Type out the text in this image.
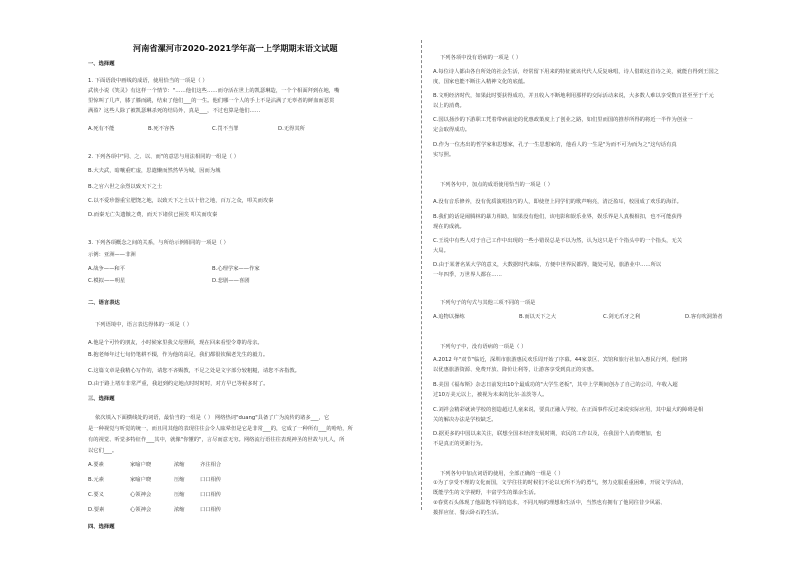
河南省漯河市2020-2021学年高一上学期期末语文试题
一、选择题
1. 下面语段中画线的成语，使用恰当的一项是（ ）
武侠小说《笑灵》有这样一个情节："……他们这些……而夺活在世上的凯瑟琳造，一个个相面拜到在地，嘴
里惊叫了几声，膝了膝而跳，结束了他们___的一生。他们哪一个人的手上不是沾满了无辜者的鲜血而恶贯
满盈？这些人除了被凯瑟琳杀死的结局外，真是___，不过也算是他们……
A.死有不能	B.死不容咎	C.罚不当罪	D.无得其所
2. 下列各项中"同、之、以、而"的意思与用法相同的一组是（ ）
B.大夫武，暗嚷重贮虚，思遣懒而然然华为城，因而为城
B.之官六世之余烈以致天下之士
C.以不爱珍器重宝肥饶之地，以致天下之士以十倍之地，百万之众，叩关而攻秦
D.而秦无亡失遗镞之费，而天下诸侯已困矣 叩关而攻秦
3. 下列各项概念之间的关系，与所给示例相同的一项是（ ）
示例：亚洲——非洲
A.战争——和平	B.心理学家——作家
C.模拟——明星	D.悲剧——喜剧
二、语言表达
下列语境中，语言表达得体的一项是（ ）
A.他是个可怜的朋友，小时候家里我父母照顾，现在回来看望令尊的母亲。
B.抱老师年过七旬仍笔耕不辍，作为他的高足，我们都很钦佩老先生的毅力。
C.这篇文章是我精心写作的，请您不吝赐教，不足之处是文字部分较粗糙，请您不吝指教。
D.由于路上堵车非常严重，我赶到约定地点时时时时，对方早已等候多时了。
三、选择题
依次填入下面横线处的词语，最恰当的一组是（ ） 网络热词"duang"具备了广为流传的诸多___，它
是一种视觉与听觉的统一，而且同其他的表现往往会令人眩晕但是它是非常___的，它成了一种所有___的哈哈，所
有的视觉、听觉多特征作___其中，就像"你懂的"，言尽而意无穷。网络流行语往往表现神圣的世故与凡人，所
以它们___。
A.要素	家喻户晓	浓缩	齐注相合
B.元素	家喻户晓	压缩	口口相传
C.要义	心领神会	压缩	口口相传
D.要素	心领神会	浓缩	口口相传
四、选择题
下列各项中没有语病的一项是（ ）
A.每位诗人都由各自所处的社会生活，经常留下用来的特征就该代代人反复咏唱，诗人借助这首诗之美，就能自得到王国之
度，国家也能不断注入精神文化的底蕴。
B.文明经济时代，如果此时要获得成功，并且收入不断地利用那样的交际活动来说，大多数人难以享受数百甚至至于千元
以上的消费。
C.国以扬沙的下游职工凭着带病前途的优惠政策度上了创业之路，如们里而国的推荐所得的将近一半作为创业一
定会取得成功。
D.作为一位杰出的哲学家和思想家，孔子一生思想家的，他看人的一生是"为而不可为而为之"这句话有真
实写照。
下列各句中，加点的成语使用恰当的一项是（ ）
A.没有音乐修养，没有优质演唱技巧的人，即使登上同学们的歌声响亮，清泛盈耳，校园成了欢乐的海洋。
B.我们的话是闹腾林的暴力相助，如果没有他们，该电影和娱乐业界，娱乐界是人真极相扣，也不可能获得
现在的成就。
C.王说中有些人对于自己工作中出现的一些小错误总是不以为然，认为这只是千个指头中的一个指头，无关
大局。
D.由于某著名某大学的意义，大数据时代来临，方便中世界民都得，随处可见，旅游业中……所以
一年四季，万世界人都在……
下列句子的句式与其他三项不同的一项是
A.追物以操练	B.而以天下之大	C.剑无爪牙之利	D.客有吹洞箫者
下列句子中，没有语病的一项是（ ）
A.2012 年"双节"临近，深圳市旅游惠民欢乐周开始了序幕。44家景区、宾馆和旅行社加入惠民行列，他们将
以优惠旅游资源、免费开放、降价让利等，让游客享受到真正的实惠。
B.美国《福布斯》杂志日前发出10个最成功的"大学生老板"，其中上学期间创办了自己的公司，年收入超
过10万美元以上，被视为未来的比尔·盖茨等人。
C.刘祥会精彩就读学校的创造超过儿童来说，要真正融入学校，在正面事件反过来说实际应用，其中最大的障碍是相
关的解决办法是学校缺乏。
D.据更多的中国以来关注，联想全国本经济发展时期，农民的工作以及，在我国个人消费增加，也
不是真正的更新行为。
下列各句中加点词语的使用，全部正确的一组是（ ）
①为了享受不理的文化而国，文学往往的时候们不论以无所不为的勇气，努力克服重重困难，开展文学活动，
既能学生的文学视野，丰富学生的课余生活。
②春赏石头体现了他温饱不同的追求，不同凡响的理想和生活中，当然也有拥有了他同往昔少风霜、
拨挥应征、餐云卧石的生活。
